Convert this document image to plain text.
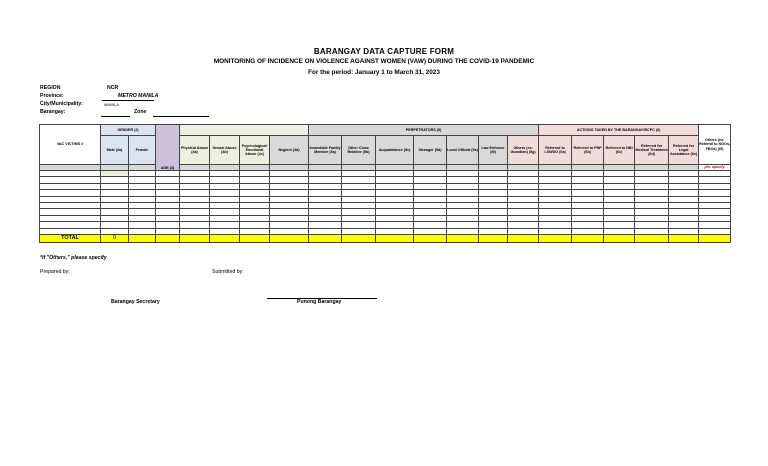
BARANGAY DATA CAPTURE FORM
MONITORING OF INCIDENCE ON VIOLENCE AGAINST WOMEN (VAW) DURING THE COVID-19 PANDEMIC
For the period: January 1 to March 31, 2023
REGION	NCR
Province:	METRO MANILA
City/Municipality:	MANILA
Barangay:	Zone
VAC VICTIMS #	GENDER (2)		AGE (3)					PERPETRATORS (5)							ACTIONS TAKEN BY THE BARANGAY/BCPC (6)					Others (ex: Referral to NGOs, FBOs) (6f)
	Male (2a)	Female		Physical Abuse (4a)	Sexual Abuse (4b)	Psychological/ Emotional Abuse (4c)	Neglect (4d)	Immediate Family Member (5a)	Other Close Relative (5b)	Acquaintance (5c)	Stranger (5d)	Local Official (5e)	Law Enforcer (5f)	Others (ex: Guardian) (5g)	Referred to LSWDO (6a)	Referred to PNP (6b)	Referred to NBI (6c)	Referred for Medical Treatment (6d)	Referred for Legal Assistance (6e)	
																				pls. specify

TOTAL	0																			
*If "Others," please specify
Prepared by:	Submitted by:
Barangay Secretary	Punong Barangay
